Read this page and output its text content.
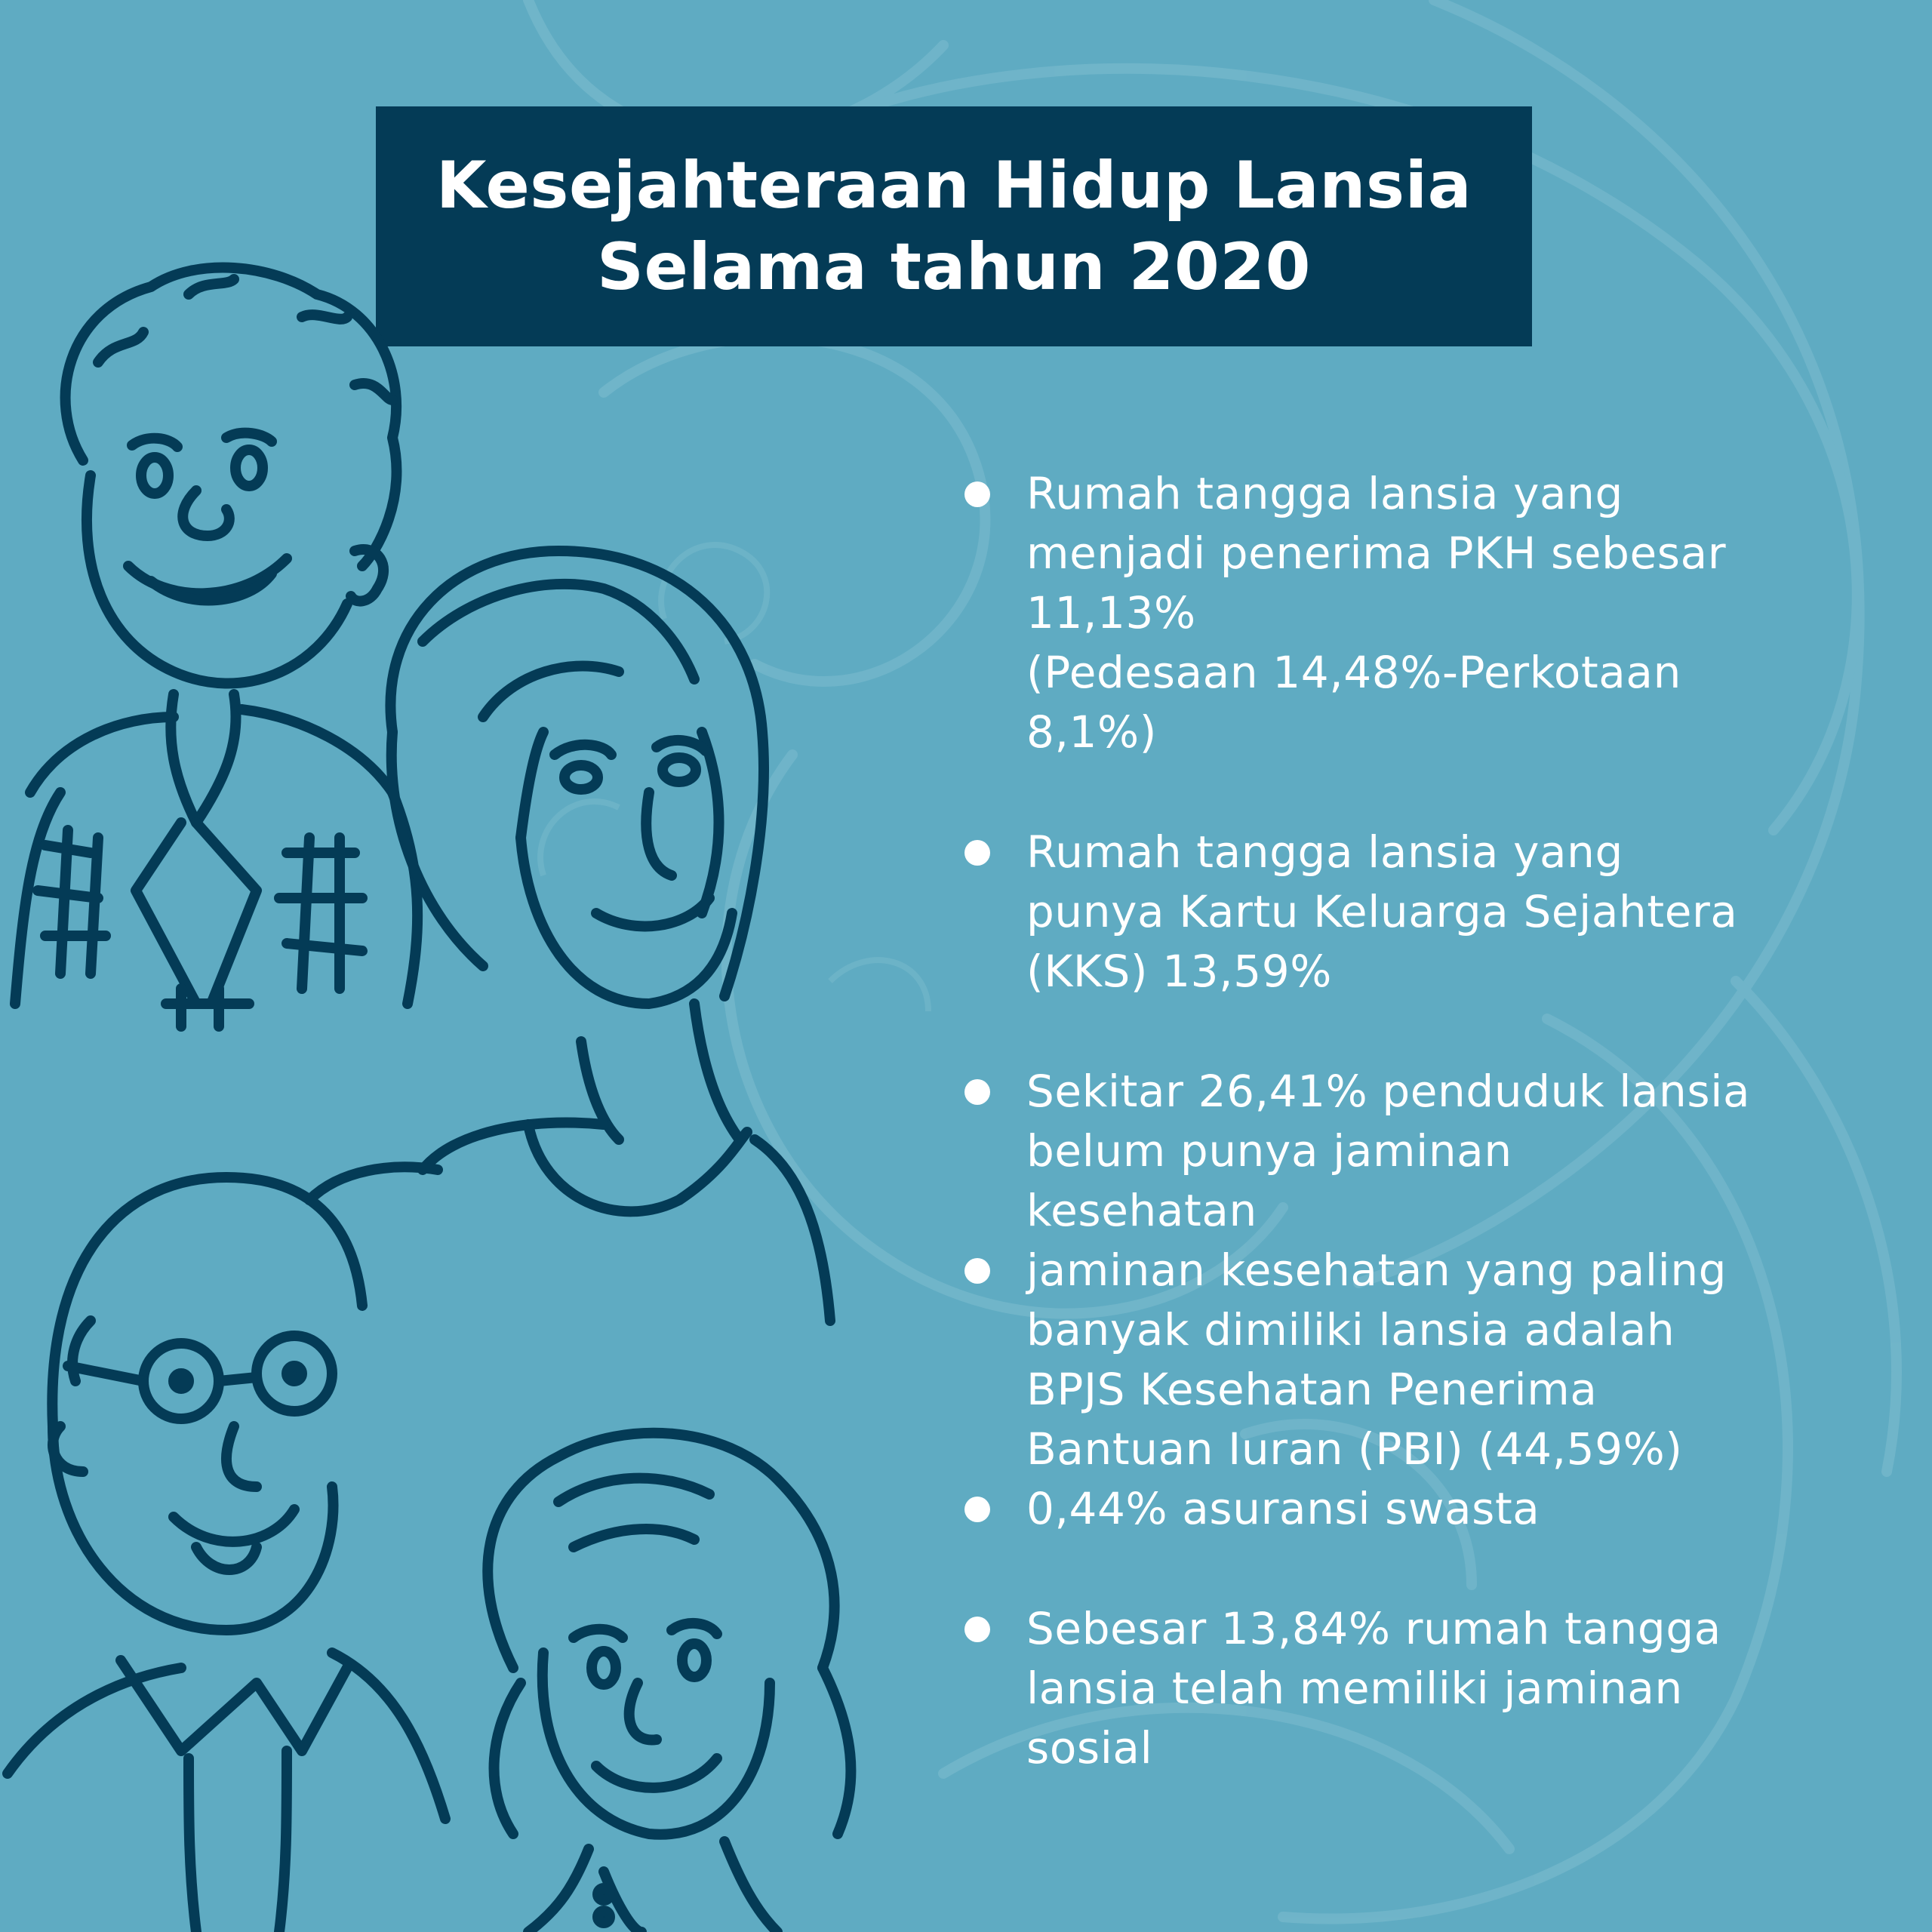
Kesejahteraan Hidup Lansia
Selama tahun 2020
Rumah tangga lansia yang
menjadi penerima PKH sebesar
11,13%
(Pedesaan 14,48%-Perkotaan
8,1%)
Rumah tangga lansia yang
punya Kartu Keluarga Sejahtera
(KKS) 13,59%
Sekitar 26,41% penduduk lansia
belum punya jaminan
kesehatan
jaminan kesehatan yang paling
banyak dimiliki lansia adalah
BPJS Kesehatan Penerima
Bantuan Iuran (PBI) (44,59%)
0,44% asuransi swasta
Sebesar 13,84% rumah tangga
lansia telah memiliki jaminan
sosial
